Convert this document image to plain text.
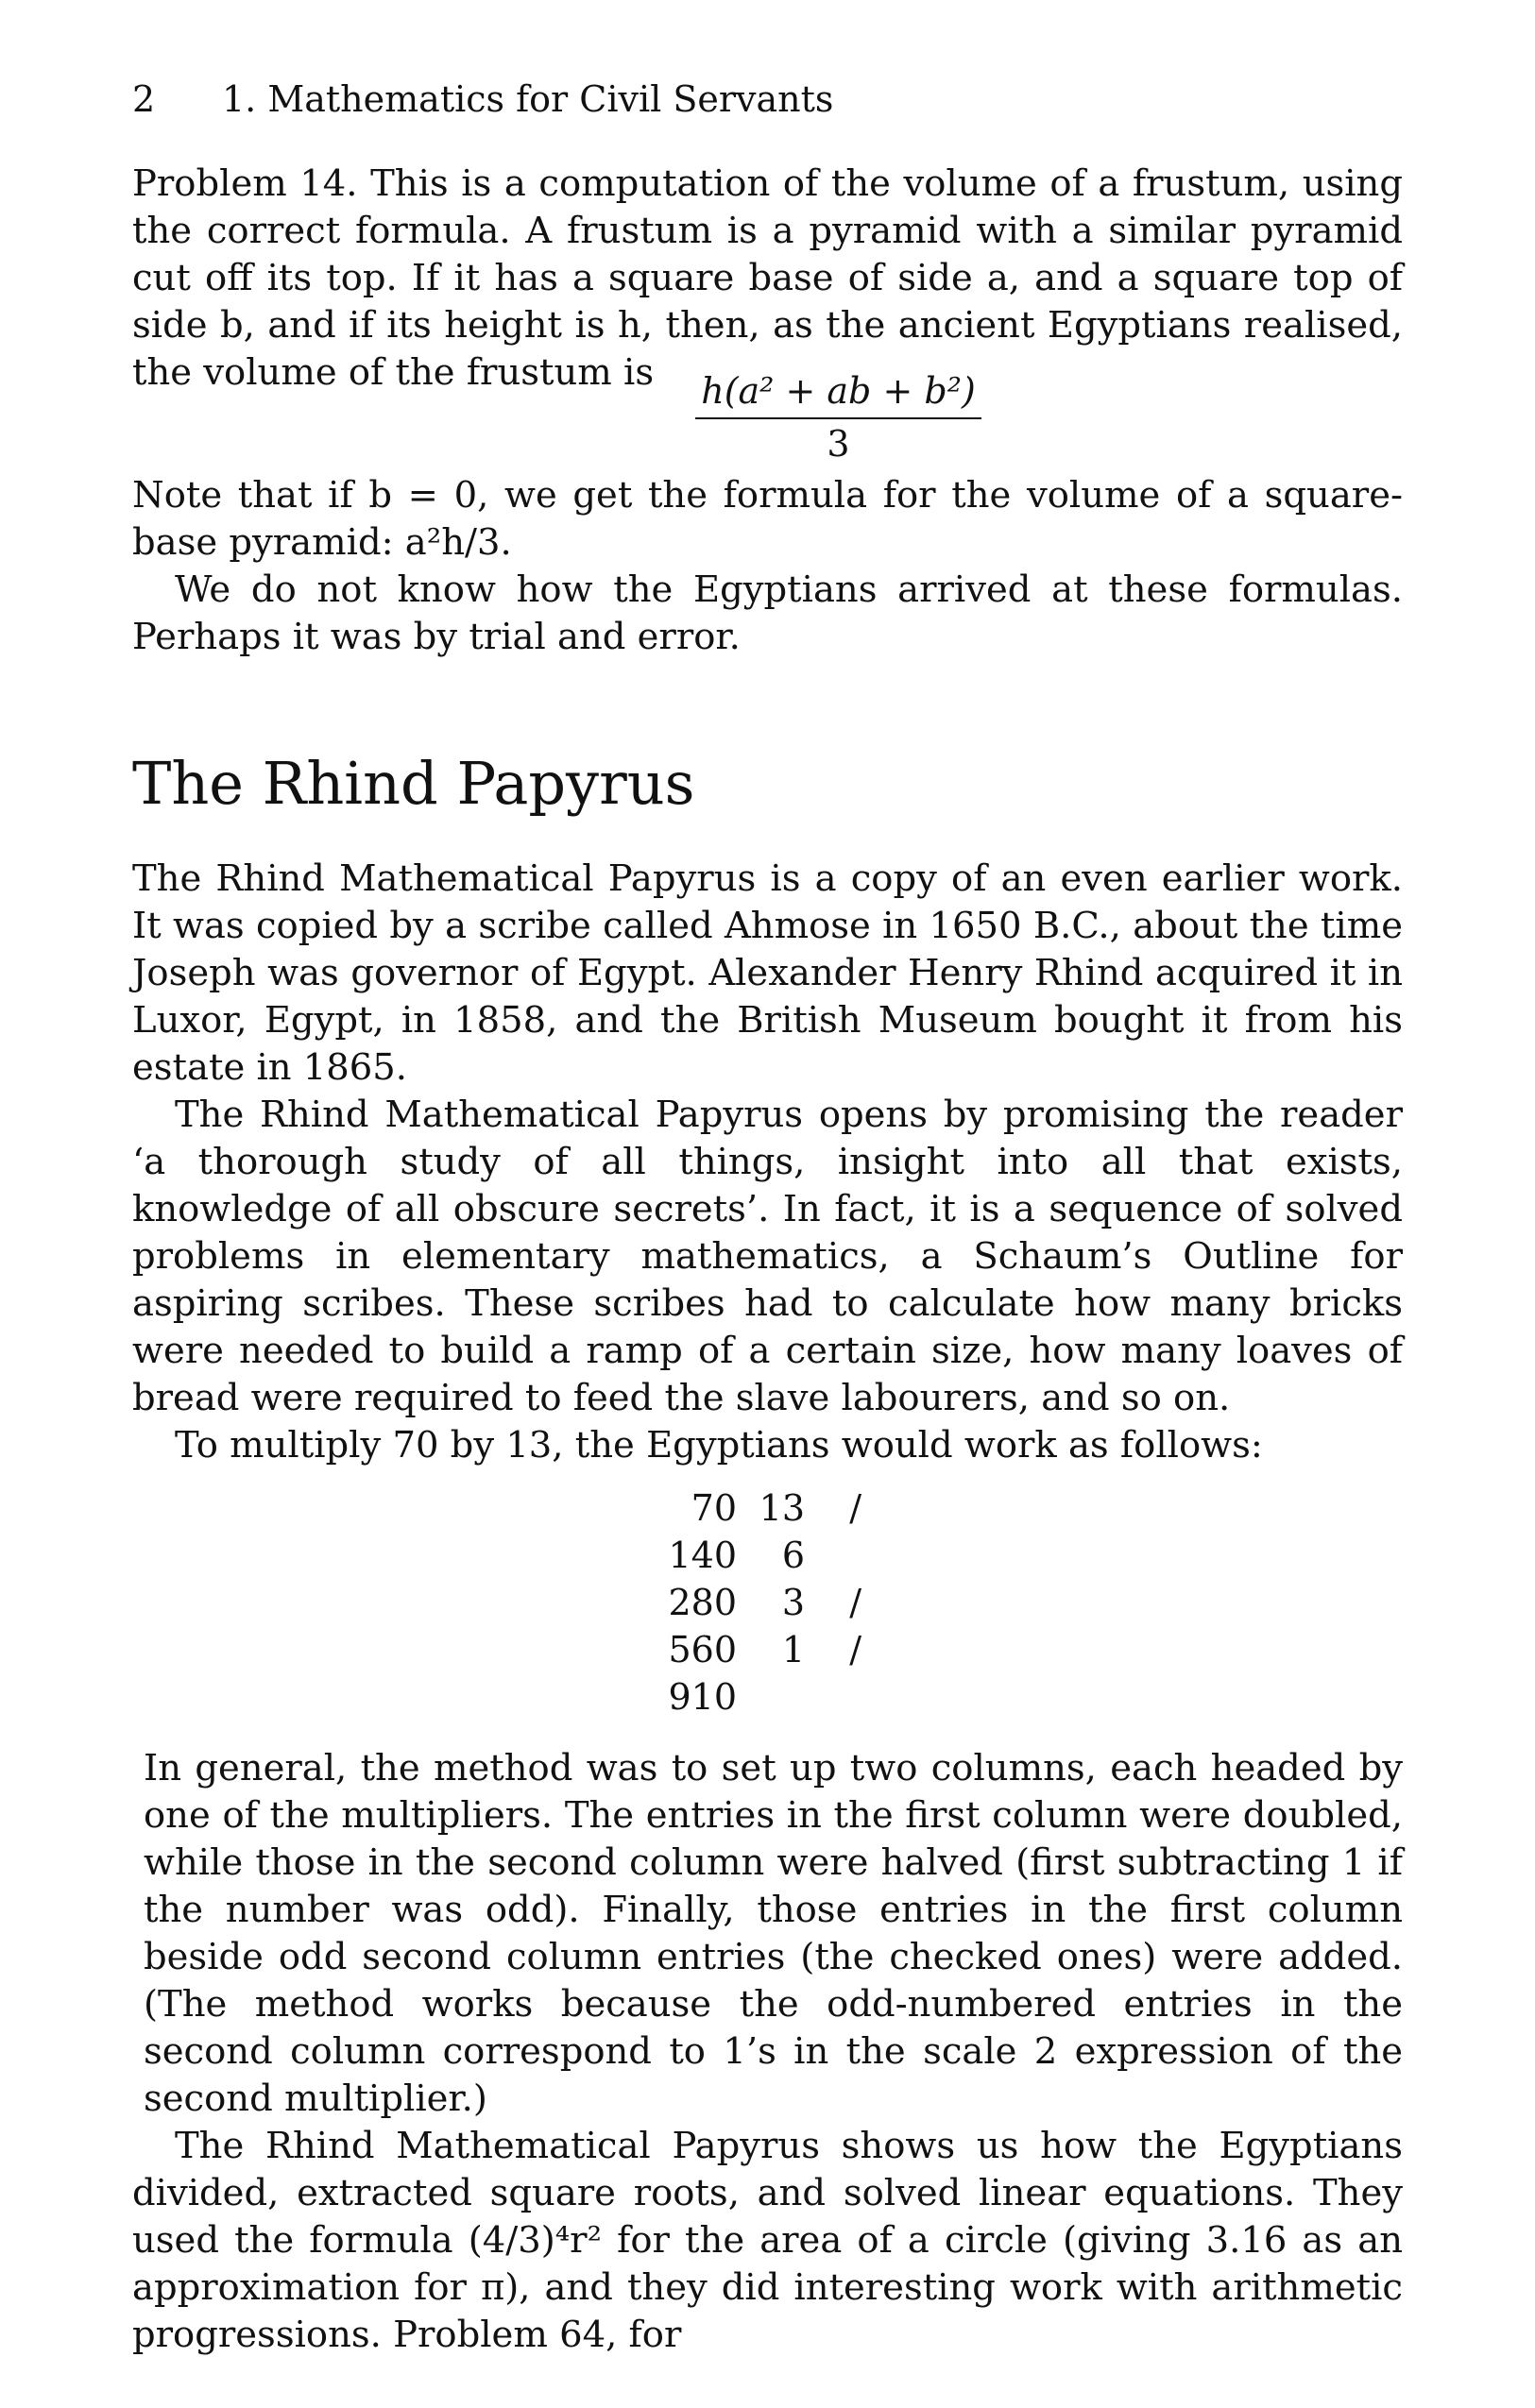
2 1. Mathematics for Civil Servants

Problem 14. This is a computation of the volume of a frustum, using the correct formula. A frustum is a pyramid with a similar pyramid cut off its top. If it has a square base of side a, and a square top of side b, and if its height is h, then, as the ancient Egyptians realised, the volume of the frustum is	$\frac{\text{h(a² + ab + b²)}}{3}$

Note that if b = 0, we get the formula for the volume of a square-base pyramid: a²h/3.

We do not know how the Egyptians arrived at these formulas. Perhaps it was by trial and error.

The Rhind Papyrus

The Rhind Mathematical Papyrus is a copy of an even earlier work. It was copied by a scribe called Ahmose in 1650 B.C., about the time Joseph was governor of Egypt. Alexander Henry Rhind acquired it in Luxor, Egypt, in 1858, and the British Museum bought it from his estate in 1865.

The Rhind Mathematical Papyrus opens by promising the reader ‘a thorough study of all things, insight into all that exists, knowledge of all obscure secrets’. In fact, it is a sequence of solved problems in elementary mathematics, a Schaum’s Outline for aspiring scribes. These scribes had to calculate how many bricks were needed to build a ramp of a certain size, how many loaves of bread were required to feed the slave labourers, and so on.

To multiply 70 by 13, the Egyptians would work as follows:

70 13	/
140	6
280	3	/
560	1	/
910

In general, the method was to set up two columns, each headed by one of the multipliers. The entries in the first column were doubled, while those in the second column were halved (first subtracting 1 if the number was odd). Finally, those entries in the first column beside odd second column entries (the checked ones) were added. (The method works because the odd-numbered entries in the second column correspond to 1’s in the scale 2 expression of the second multiplier.)

The Rhind Mathematical Papyrus shows us how the Egyptians divided, extracted square roots, and solved linear equations. They used the formula (4/3)⁴r² for the area of a circle (giving 3.16 as an approximation for π), and they did interesting work with arithmetic progressions. Problem 64, for
